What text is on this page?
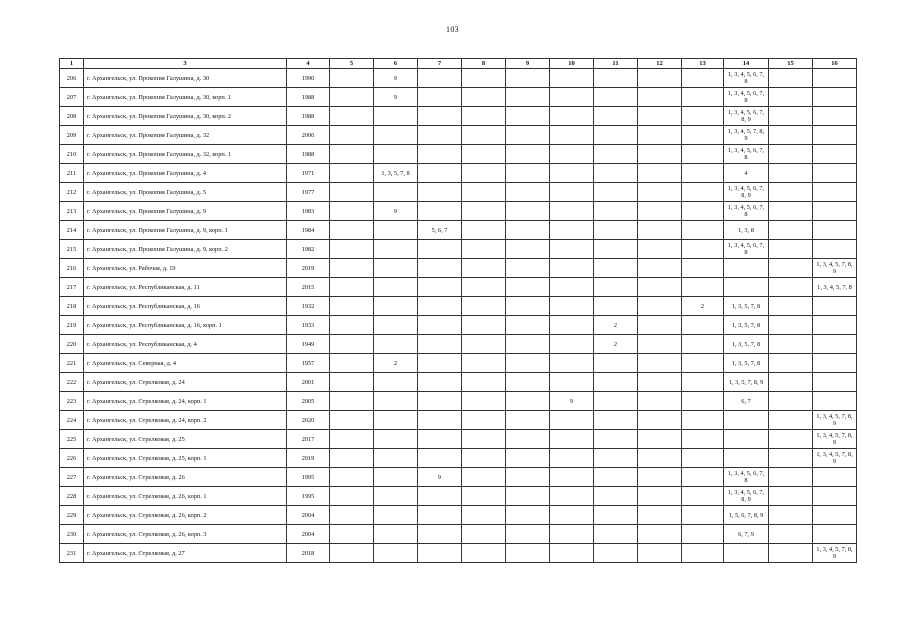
103
1	3	4	5	6	7	8	9	10	11	12	13	14	15	16
206	г. Архангельск, ул. Прокопия Галушина, д. 30	1990		9								1, 3, 4, 5, 6, 7, 8		
207	г. Архангельск, ул. Прокопия Галушина, д. 30, корп. 1	1988		9								1, 3, 4, 5, 6, 7, 8		
208	г. Архангельск, ул. Прокопия Галушина, д. 30, корп. 2	1988										1, 3, 4, 5, 6, 7, 8, 9		
209	г. Архангельск, ул. Прокопия Галушина, д. 32	2006										1, 3, 4, 5, 7, 8, 9		
210	г. Архангельск, ул. Прокопия Галушина, д. 32, корп. 1	1988										1, 3, 4, 5, 6, 7, 8		
211	г. Архангельск, ул. Прокопия Галушина, д. 4	1971		1, 3, 5, 7, 8								4		
212	г. Архангельск, ул. Прокопия Галушина, д. 5	1977										1, 3, 4, 5, 6, 7, 8, 9		
213	г. Архангельск, ул. Прокопия Галушина, д. 9	1983		9								1, 3, 4, 5, 6, 7, 8		
214	г. Архангельск, ул. Прокопия Галушина, д. 9, корп. 1	1984			5, 6, 7							1, 3, 8		
215	г. Архангельск, ул. Прокопия Галушина, д. 9, корп. 2	1982										1, 3, 4, 5, 6, 7, 8		
216	г. Архангельск, ул. Рабочая, д. 19	2019												1, 3, 4, 5, 7, 8, 9
217	г. Архангельск, ул. Республиканская, д. 11	2015												1, 3, 4, 5, 7, 8
218	г. Архангельск, ул. Республиканская, д. 16	1932									2	1, 3, 5, 7, 8		
219	г. Архангельск, ул. Республиканская, д. 16, корп. 1	1933							2			1, 3, 5, 7, 8		
220	г. Архангельск, ул. Республиканская, д. 4	1949							2			1, 3, 5, 7, 8		
221	г. Архангельск, ул. Северная, д. 4	1957		2								1, 3, 5, 7, 8		
222	г. Архангельск, ул. Стрелковая, д. 24	2001										1, 3, 5, 7, 8, 9		
223	г. Архангельск, ул. Стрелковая, д. 24, корп. 1	2005						9				6, 7		
224	г. Архангельск, ул. Стрелковая, д. 24, корп. 2	2020												1, 3, 4, 5, 7, 8, 9
225	г. Архангельск, ул. Стрелковая, д. 25	2017												1, 3, 4, 5, 7, 8, 9
226	г. Архангельск, ул. Стрелковая, д. 25, корп. 1	2019												1, 3, 4, 5, 7, 8, 9
227	г. Архангельск, ул. Стрелковая, д. 26	1995			9							1, 3, 4, 5, 6, 7, 8		
228	г. Архангельск, ул. Стрелковая, д. 26, корп. 1	1995										1, 3, 4, 5, 6, 7, 8, 9		
229	г. Архангельск, ул. Стрелковая, д. 26, корп. 2	2004										1, 5, 6, 7, 8, 9		
230	г. Архангельск, ул. Стрелковая, д. 26, корп. 3	2004										6, 7, 9		
231	г. Архангельск, ул. Стрелковая, д. 27	2018												1, 3, 4, 5, 7, 8, 9
